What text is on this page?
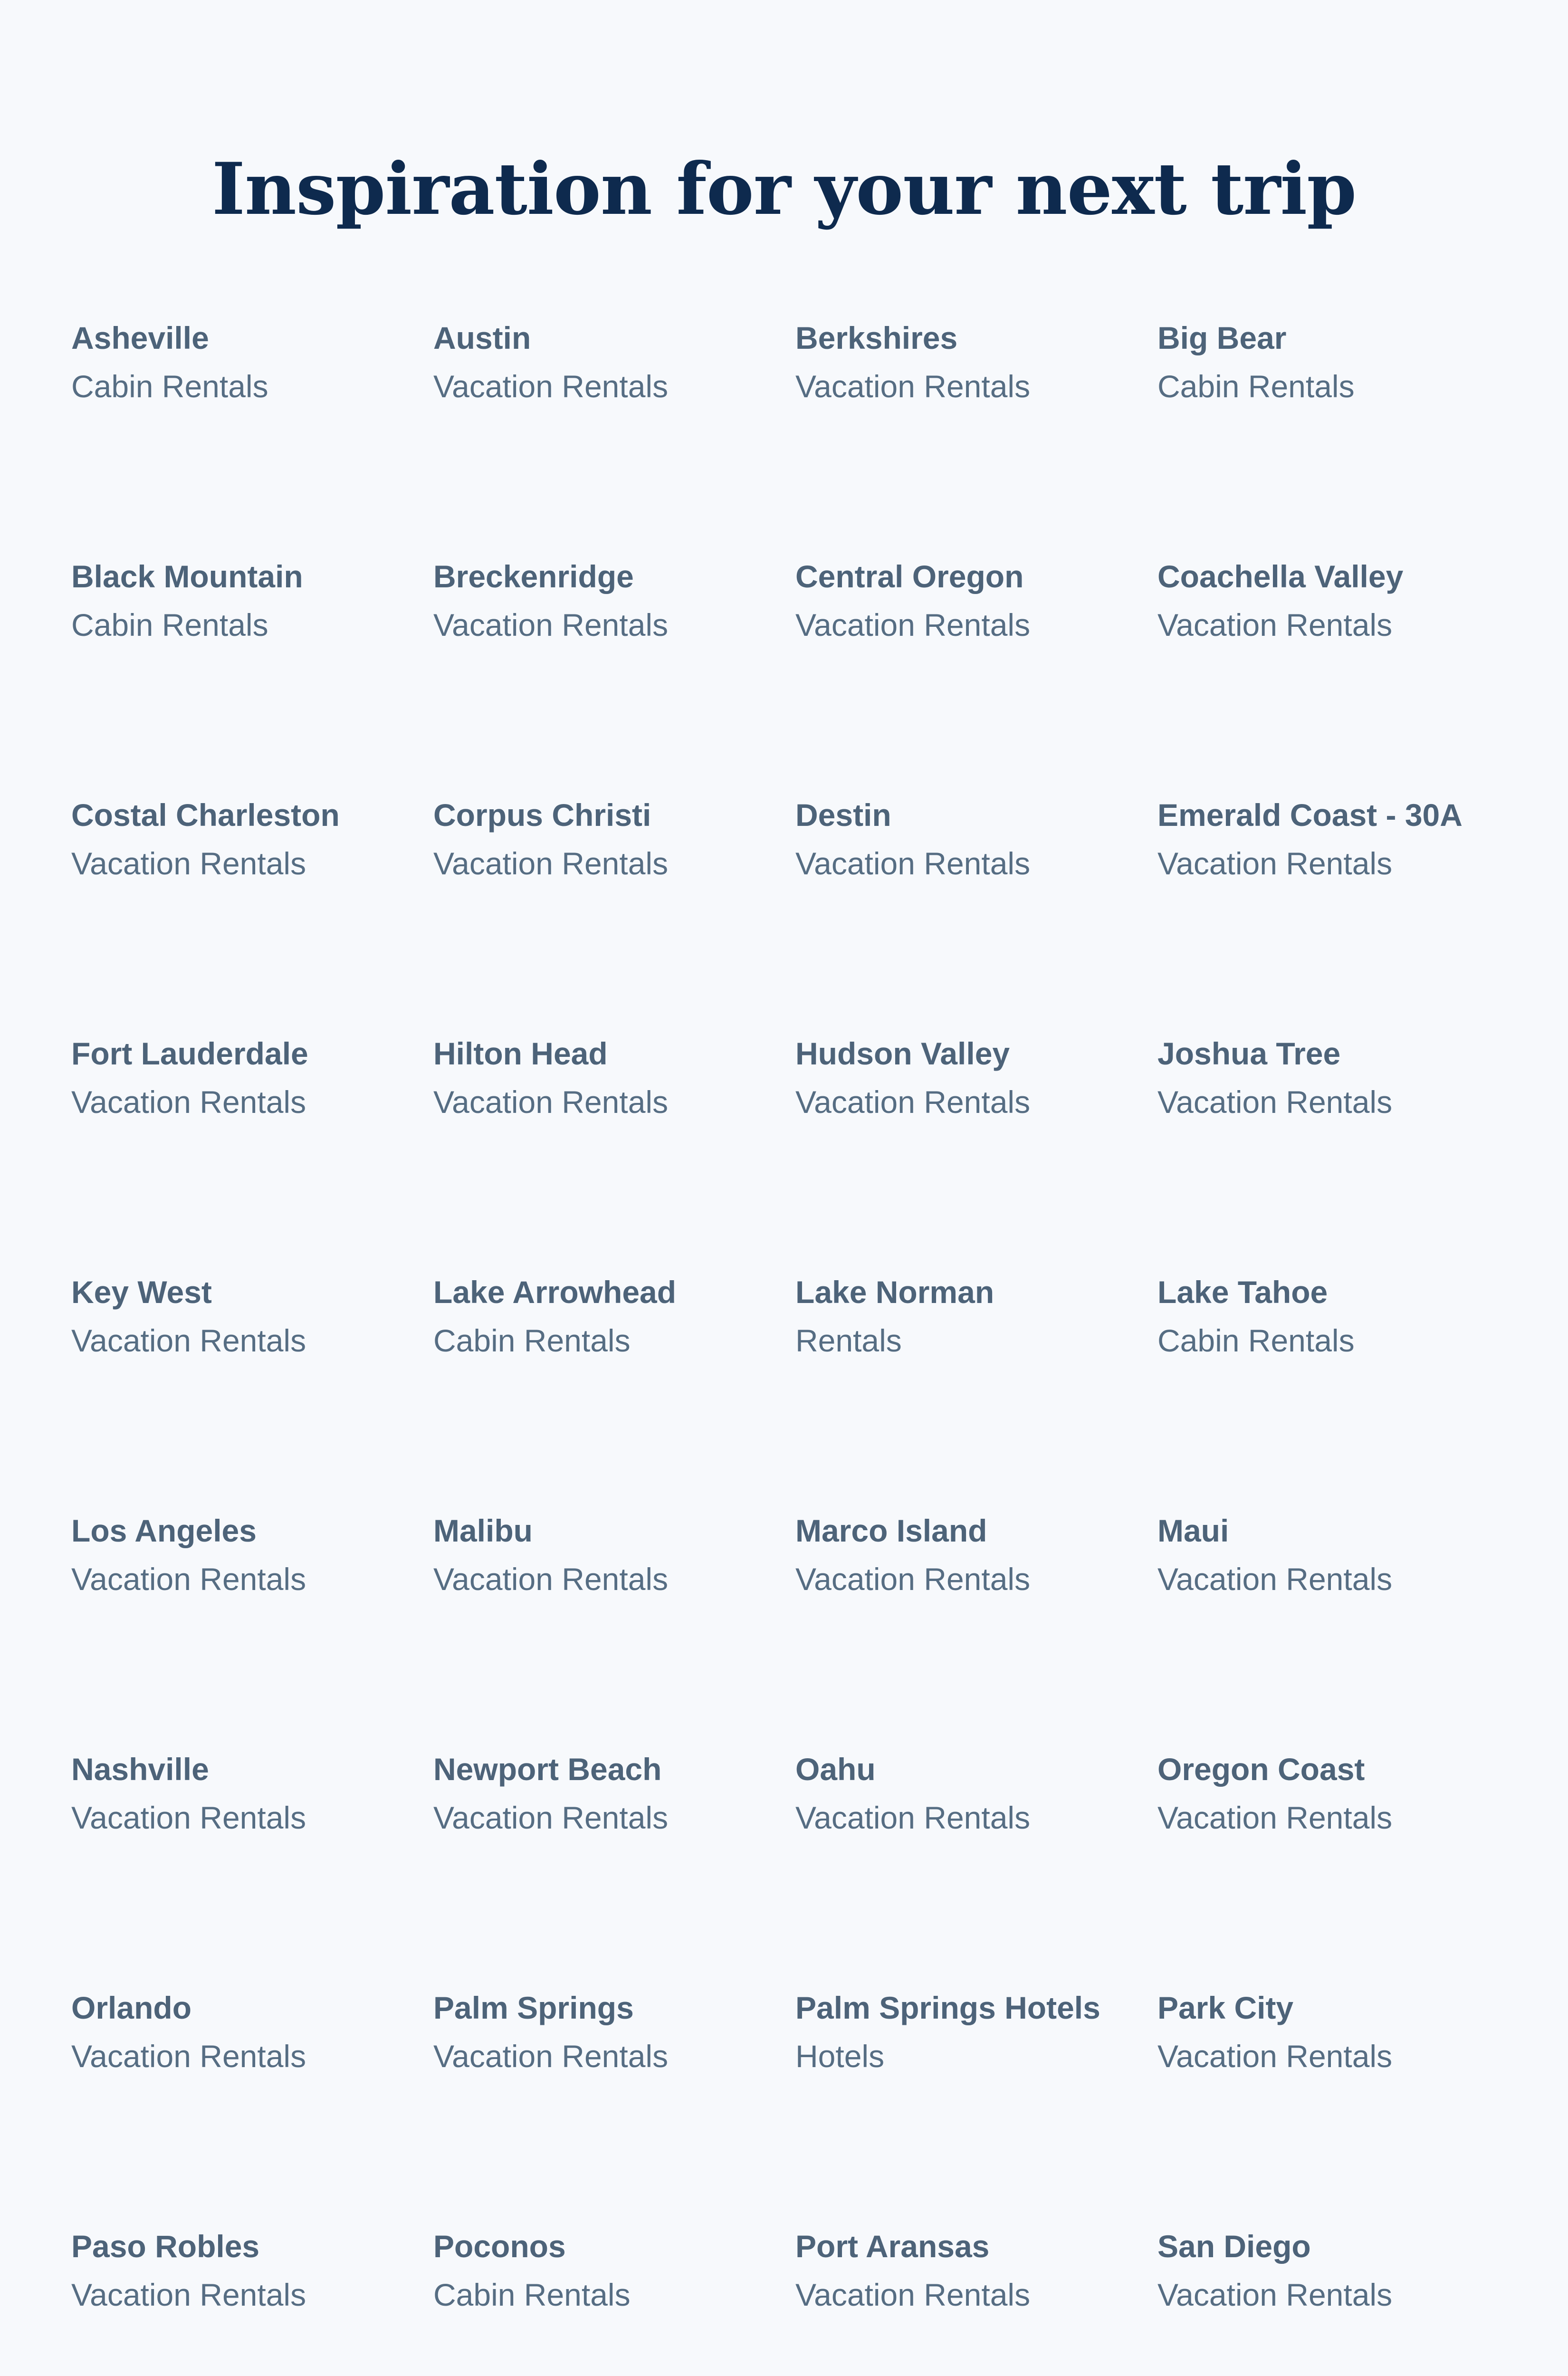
Inspiration for your next trip
Asheville
Cabin Rentals
Austin
Vacation Rentals
Berkshires
Vacation Rentals
Big Bear
Cabin Rentals
Black Mountain
Cabin Rentals
Breckenridge
Vacation Rentals
Central Oregon
Vacation Rentals
Coachella Valley
Vacation Rentals
Costal Charleston
Vacation Rentals
Corpus Christi
Vacation Rentals
Destin
Vacation Rentals
Emerald Coast - 30A
Vacation Rentals
Fort Lauderdale
Vacation Rentals
Hilton Head
Vacation Rentals
Hudson Valley
Vacation Rentals
Joshua Tree
Vacation Rentals
Key West
Vacation Rentals
Lake Arrowhead
Cabin Rentals
Lake Norman
Rentals
Lake Tahoe
Cabin Rentals
Los Angeles
Vacation Rentals
Malibu
Vacation Rentals
Marco Island
Vacation Rentals
Maui
Vacation Rentals
Nashville
Vacation Rentals
Newport Beach
Vacation Rentals
Oahu
Vacation Rentals
Oregon Coast
Vacation Rentals
Orlando
Vacation Rentals
Palm Springs
Vacation Rentals
Palm Springs Hotels
Hotels
Park City
Vacation Rentals
Paso Robles
Vacation Rentals
Poconos
Cabin Rentals
Port Aransas
Vacation Rentals
San Diego
Vacation Rentals
